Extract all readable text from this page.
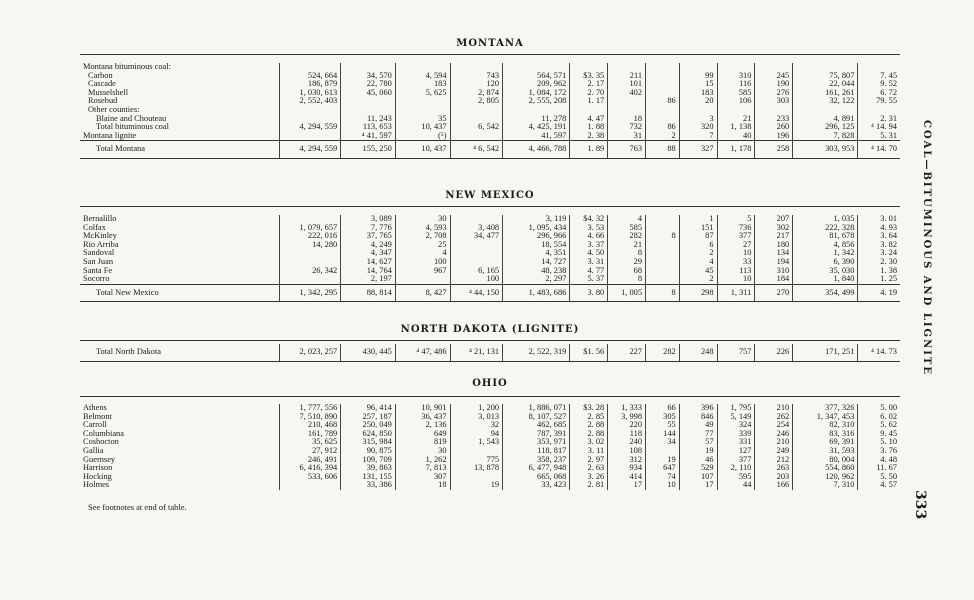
MONTANA
Montana bituminous coal:													
Carbon	524, 664	34, 570	4, 594	743	564, 571	$3. 35	211		99	310	245	75, 807	7. 45
Cascade	186, 879	22, 780	183	120	209, 962	2. 17	101		15	116	190	22, 044	9. 52
Musselshell	1, 030, 613	45, 060	5, 625	2, 874	1, 084, 172	2. 70	402		183	585	276	161, 261	6. 72
Rosebud	2, 552, 403			2, 805	2, 555, 208	1. 17		86	20	106	303	32, 122	79. 55
Other counties:													
Blaine and Chouteau		11, 243	35		11, 278	4. 47	18		3	21	233	4, 891	2. 31
Total bituminous coal	4, 294, 559	113, 653	10, 437	6, 542	4, 425, 191	1. 88	732	86	320	1, 138	260	296, 125	⁴ 14. 94
Montana lignite		⁴ 41, 597	(⁵)		41, 597	2. 38	31	2	7	40	196	7, 828	5. 31
Total Montana	4, 294, 559	155, 250	10, 437	⁴ 6, 542	4, 466, 788	1. 89	763	88	327	1, 178	258	303, 953	⁴ 14. 70
NEW MEXICO
Bernalillo		3, 089	30		3, 119	$4. 32	4		1	5	207	1, 035	3. 01
Colfax	1, 079, 657	7, 776	4, 593	3, 408	1, 095, 434	3. 53	585		151	736	302	222, 328	4. 93
McKinley	222, 016	37, 765	2, 708	34, 477	296, 966	4. 66	282	8	87	377	217	81, 678	3. 64
Rio Arriba	14, 280	4, 249	25		18, 554	3. 37	21		6	27	180	4, 856	3. 82
Sandoval		4, 347	4		4, 351	4. 50	8		2	10	134	1, 342	3. 24
San Juan		14, 627	100		14, 727	3. 31	29		4	33	194	6, 390	2. 30
Santa Fe	26, 342	14, 764	967	6, 165	48, 238	4. 77	68		45	113	310	35, 030	1. 38
Socorro		2, 197		100	2, 297	5. 37	8		2	10	184	1, 840	1. 25
Total New Mexico	1, 342, 295	88, 814	8, 427	⁴ 44, 150	1, 483, 686	3. 80	1, 005	8	298	1, 311	270	354, 499	4. 19
NORTH DAKOTA (LIGNITE)
Total North Dakota	2, 023, 257	430, 445	⁴ 47, 486	⁴ 21, 131	2, 522, 319	$1. 56	227	282	248	757	226	171, 251	⁴ 14. 73
OHIO
Athens	1, 777, 556	96, 414	10, 901	1, 200	1, 886, 071	$3. 28	1, 333	66	396	1, 795	210	377, 326	5. 00
Belmont	7, 510, 890	257, 187	36, 437	3, 013	8, 107, 527	2. 85	3, 998	305	846	5, 149	262	1, 347, 453	6. 02
Carroll	210, 468	250, 049	2, 136	32	462, 685	2. 88	220	55	49	324	254	82, 310	5. 62
Columbiana	161, 789	624, 850	649	94	787, 391	2. 88	118	144	77	339	246	83, 316	9. 45
Coshocton	35, 625	315, 984	819	1, 543	353, 971	3. 02	240	34	57	331	210	69, 391	5. 10
Gallia	27, 912	90, 875	30		118, 817	3. 11	108		19	127	249	31, 593	3. 76
Guernsey	246, 491	109, 709	1, 262	775	358, 237	2. 97	312	19	46	377	212	80, 004	4. 48
Harrison	6, 416, 394	39, 863	7, 813	13, 878	6, 477, 948	2. 63	934	647	529	2, 110	263	554, 860	11. 67
Hocking	533, 606	131, 155	307		665, 068	3. 26	414	74	107	595	203	120, 962	5. 50
Holmes		33, 386	18	19	33, 423	2. 81	17	10	17	44	166	7, 310	4. 57
See footnotes at end of table.
COAL—BITUMINOUS AND LIGNITE
333
